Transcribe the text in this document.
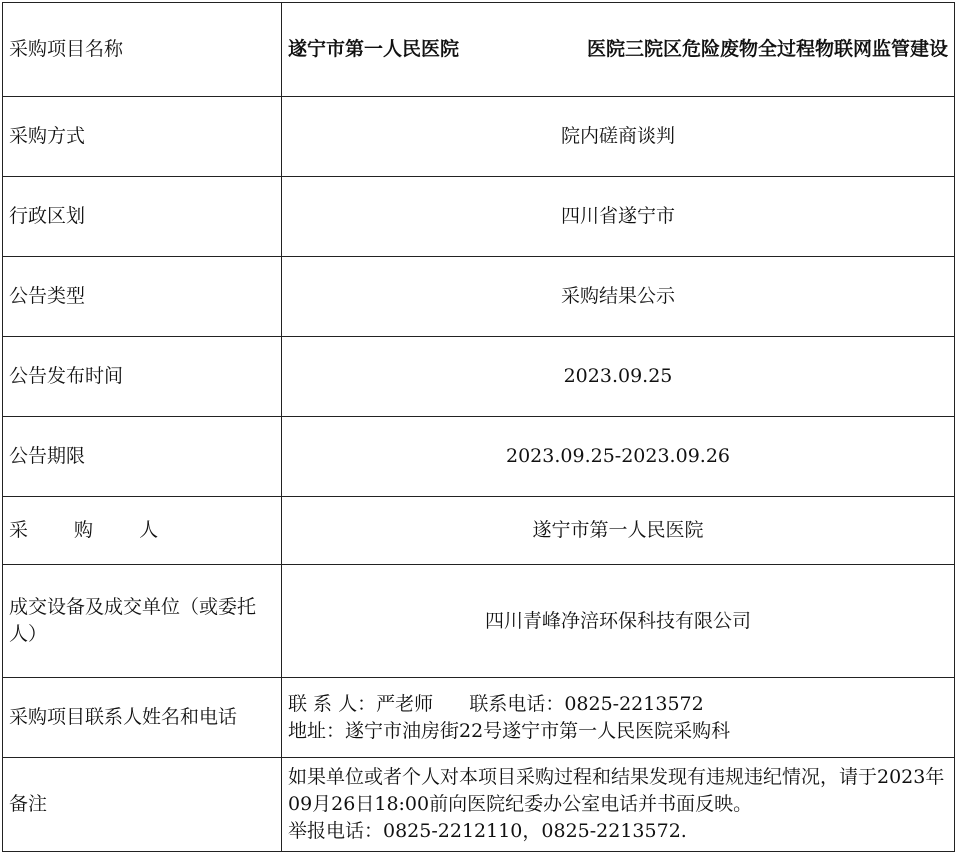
采购项目名称	遂宁市第一人民医院 医院三院区危险废物全过程物联网监管建设

采购方式	院内磋商谈判
行政区划	四川省遂宁市
公告类型	采购结果公示
公告发布时间	2023.09.25
公告期限	2023.09.25-2023.09.26
采 购 人	遂宁市第一人民医院
成交设备及成交单位（或委托人）	四川青峰净涪环保科技有限公司
采购项目联系人姓名和电话	联 系 人：严老师      联系电话：0825-2213572
地址：遂宁市油房街22号遂宁市第一人民医院采购科

备注	如果单位或者个人对本项目采购过程和结果发现有违规违纪情况，请于2023年09月26日18:00前向医院纪委办公室电话并书面反映。
举报电话：0825-2212110，0825-2213572.
